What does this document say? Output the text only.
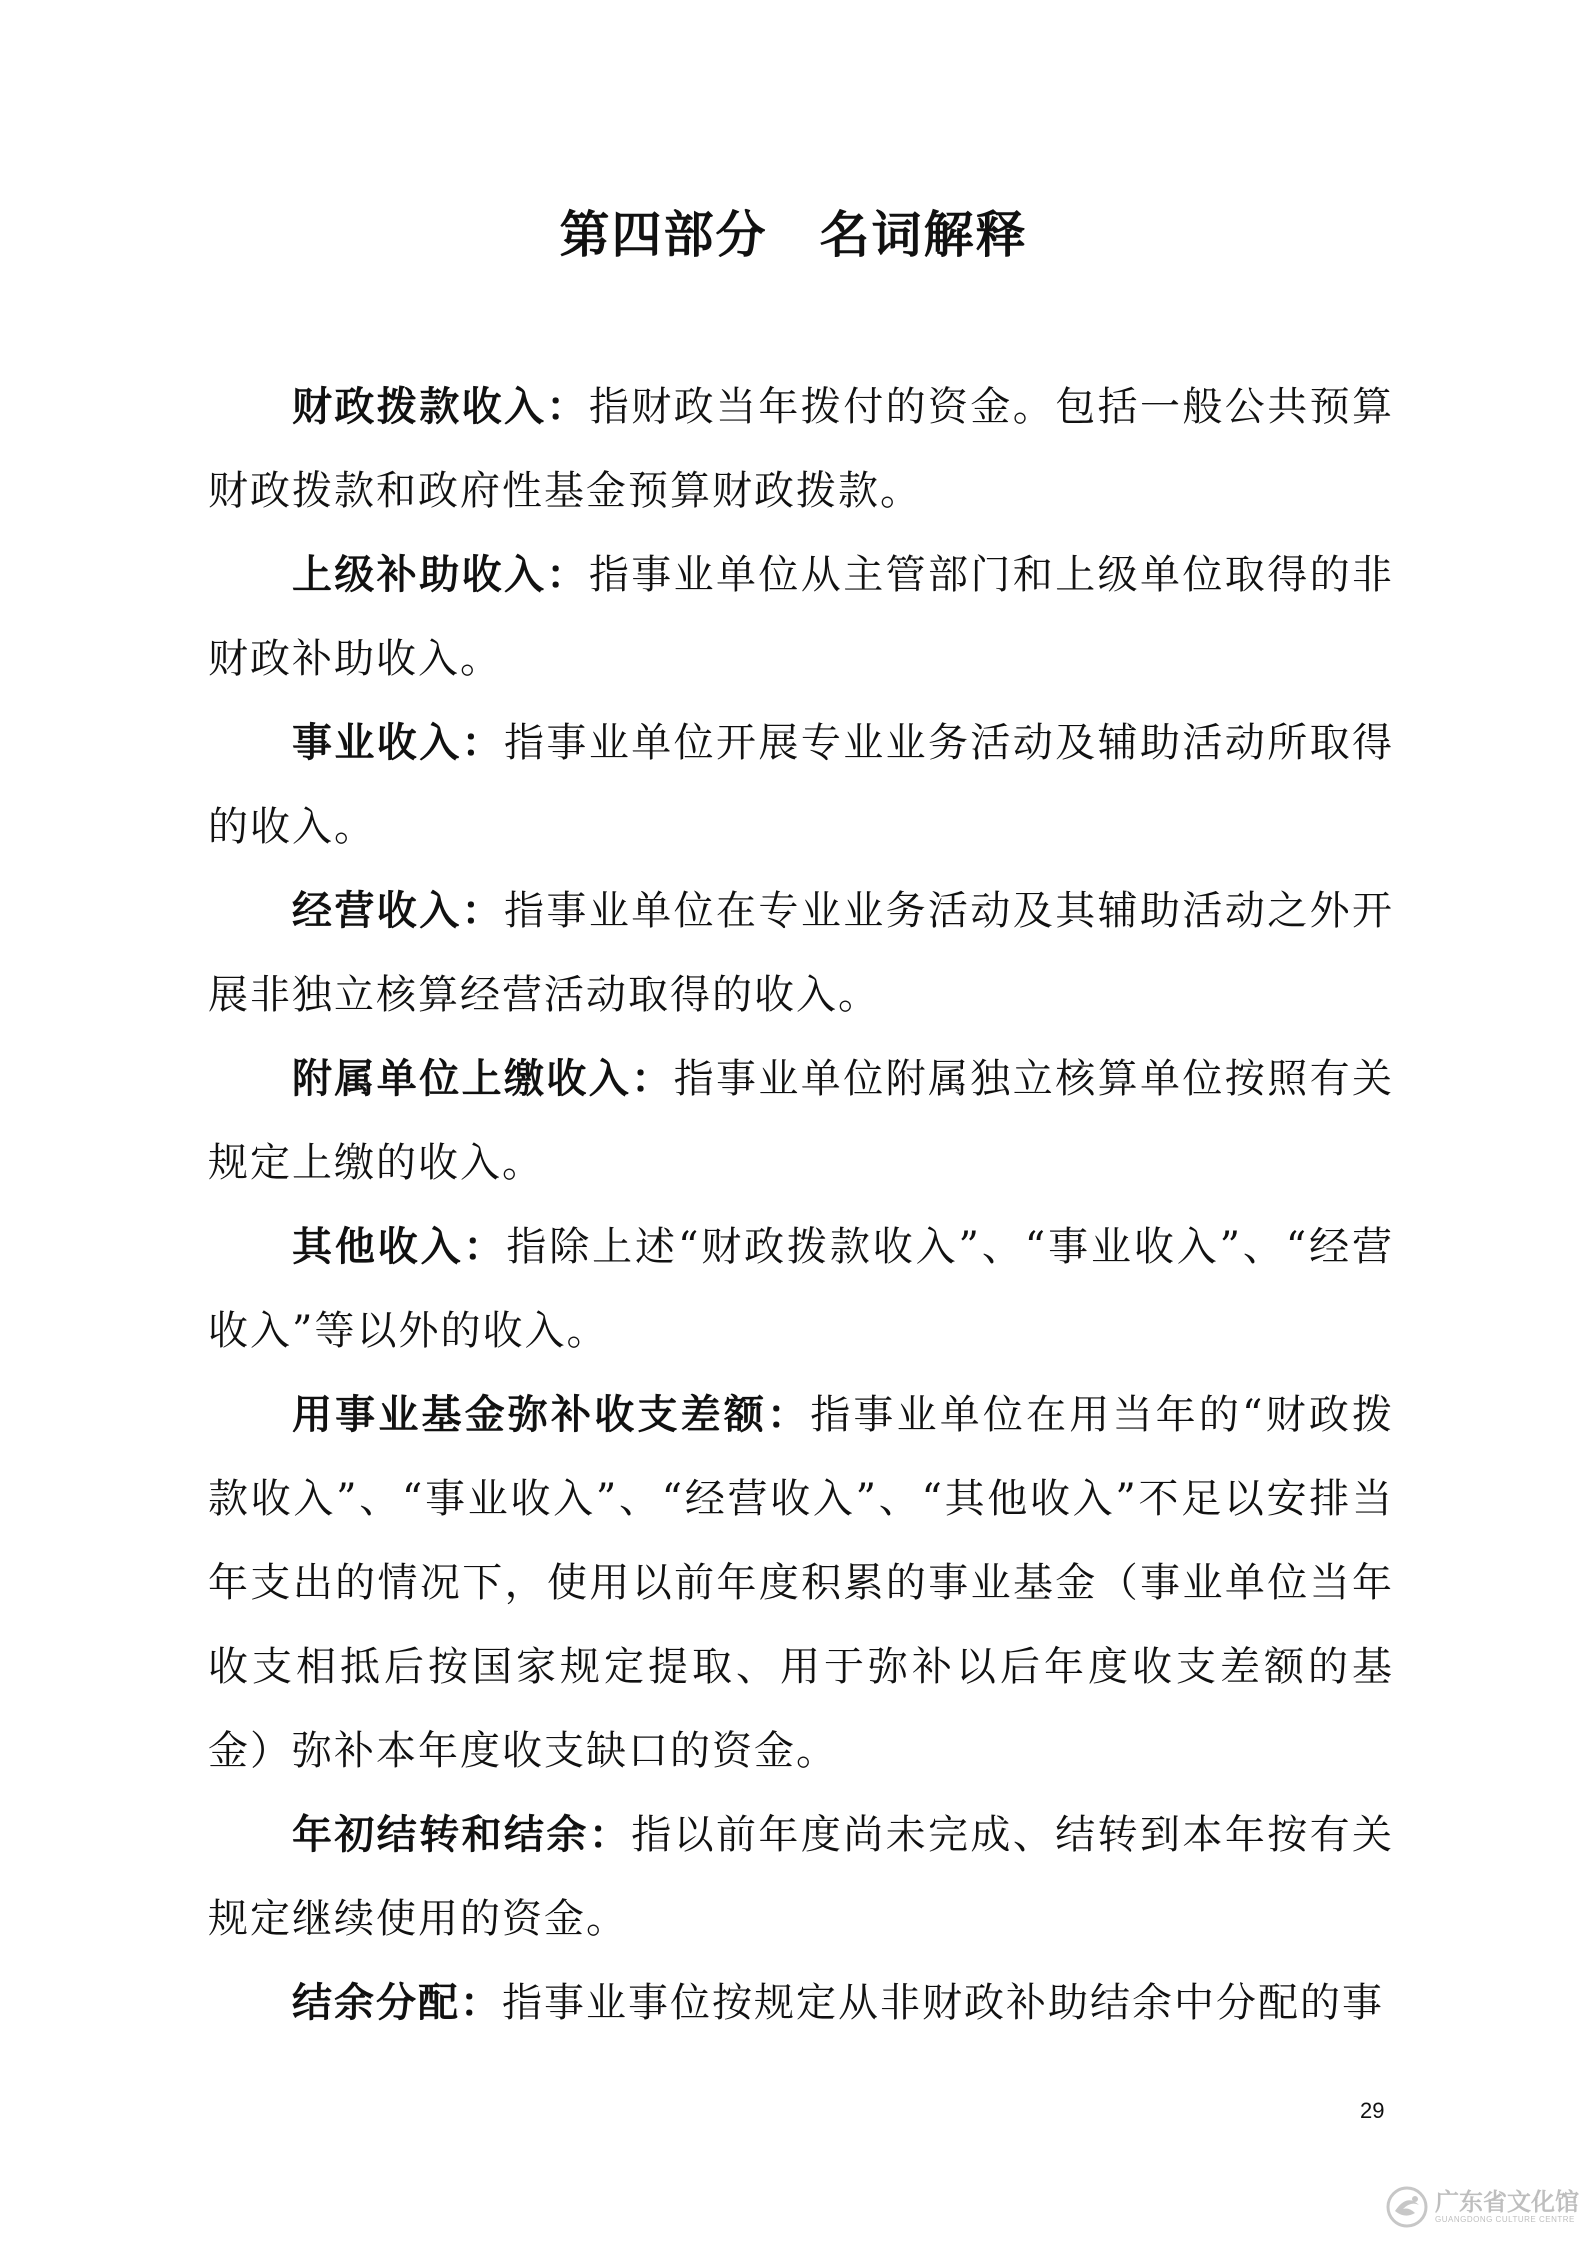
第四部分　名词解释

财政拨款收入：指财政当年拨付的资金。包括一般公共预算财政拨款和政府性基金预算财政拨款。

上级补助收入：指事业单位从主管部门和上级单位取得的非财政补助收入。

事业收入：指事业单位开展专业业务活动及辅助活动所取得的收入。

经营收入：指事业单位在专业业务活动及其辅助活动之外开展非独立核算经营活动取得的收入。

附属单位上缴收入：指事业单位附属独立核算单位按照有关规定上缴的收入。

其他收入：指除上述“财政拨款收入”、“事业收入”、“经营收入”等以外的收入。

用事业基金弥补收支差额：指事业单位在用当年的“财政拨款收入”、“事业收入”、“经营收入”、“其他收入”不足以安排当年支出的情况下，使用以前年度积累的事业基金（事业单位当年收支相抵后按国家规定提取、用于弥补以后年度收支差额的基金）弥补本年度收支缺口的资金。

年初结转和结余：指以前年度尚未完成、结转到本年按有关规定继续使用的资金。

结余分配：指事业事位按规定从非财政补助结余中分配的事

29
广东省文化馆
GUANGDONG CULTURE CENTRE
